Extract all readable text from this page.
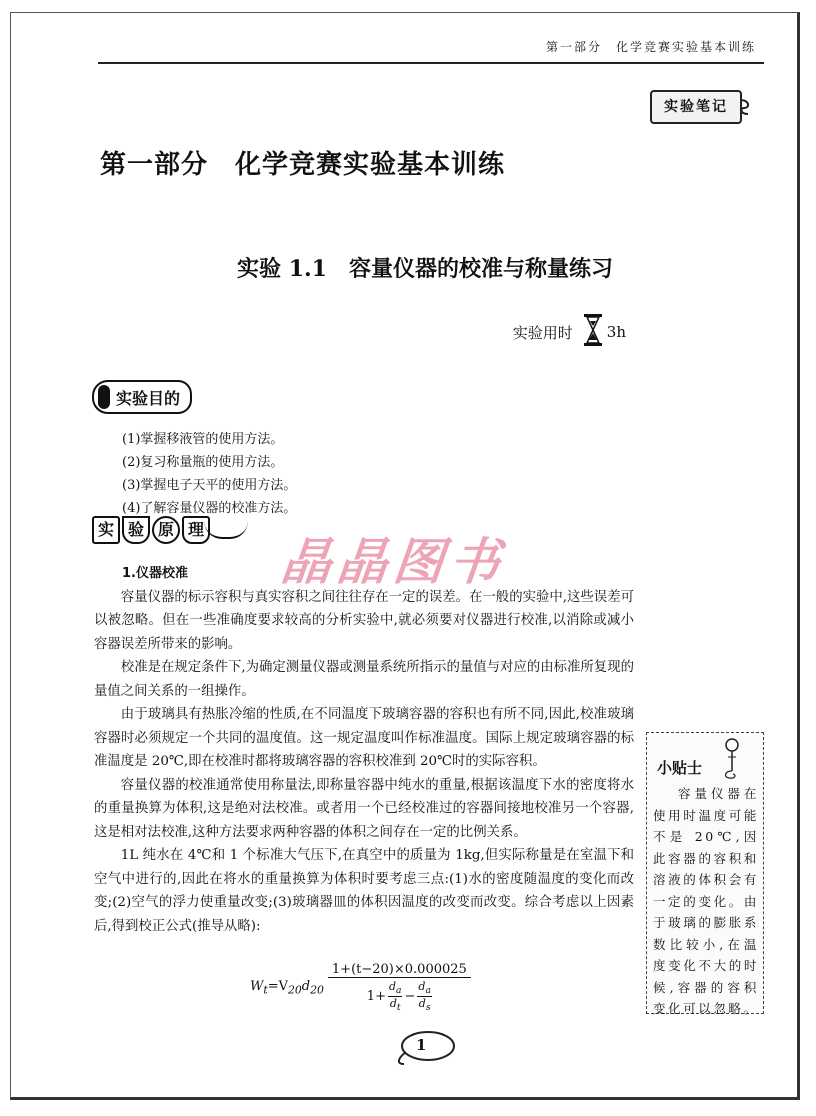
第一部分　化学竞赛实验基本训练
实验笔记
第一部分　化学竞赛实验基本训练
实验 1.1　容量仪器的校准与称量练习
实验用时 3h
实验目的
(1)掌握移液管的使用方法。
(2)复习称量瓶的使用方法。
(3)掌握电子天平的使用方法。
(4)了解容量仪器的校准方法。
实 验 原 理
晶晶图书
1.仪器校准

容量仪器的标示容积与真实容积之间往往存在一定的误差。在一般的实验中,这些误差可以被忽略。但在一些准确度要求较高的分析实验中,就必须要对仪器进行校准,以消除或减小容器误差所带来的影响。

校准是在规定条件下,为确定测量仪器或测量系统所指示的量值与对应的由标准所复现的量值之间关系的一组操作。

由于玻璃具有热胀冷缩的性质,在不同温度下玻璃容器的容积也有所不同,因此,校准玻璃容器时必须规定一个共同的温度值。这一规定温度叫作标准温度。国际上规定玻璃容器的标准温度是 20℃,即在校准时都将玻璃容器的容积校准到 20℃时的实际容积。

容量仪器的校准通常使用称量法,即称量容器中纯水的重量,根据该温度下水的密度将水的重量换算为体积,这是绝对法校准。或者用一个已经校准过的容器间接地校准另一个容器,这是相对法校准,这种方法要求两种容器的体积之间存在一定的比例关系。

1L 纯水在 4℃和 1 个标准大气压下,在真空中的质量为 1kg,但实际称量是在室温下和空气中进行的,因此在将水的重量换算为体积时要考虑三点:(1)水的密度随温度的变化而改变;(2)空气的浮力使重量改变;(3)玻璃器皿的体积因温度的改变而改变。综合考虑以上因素后,得到校正公式(推导从略):

$W_t=V_{20}d_{20} \frac{1+(t-20)\times 0.000025}{1+ \frac{d_a}{d_t} - \frac{d_a}{d_s}}$
小贴士
容量仪器在使用时温度可能不是 20℃,因此容器的容积和溶液的体积会有一定的变化。由于玻璃的膨胀系数比较小,在温度变化不大的时候,容器的容积变化可以忽略。
1
